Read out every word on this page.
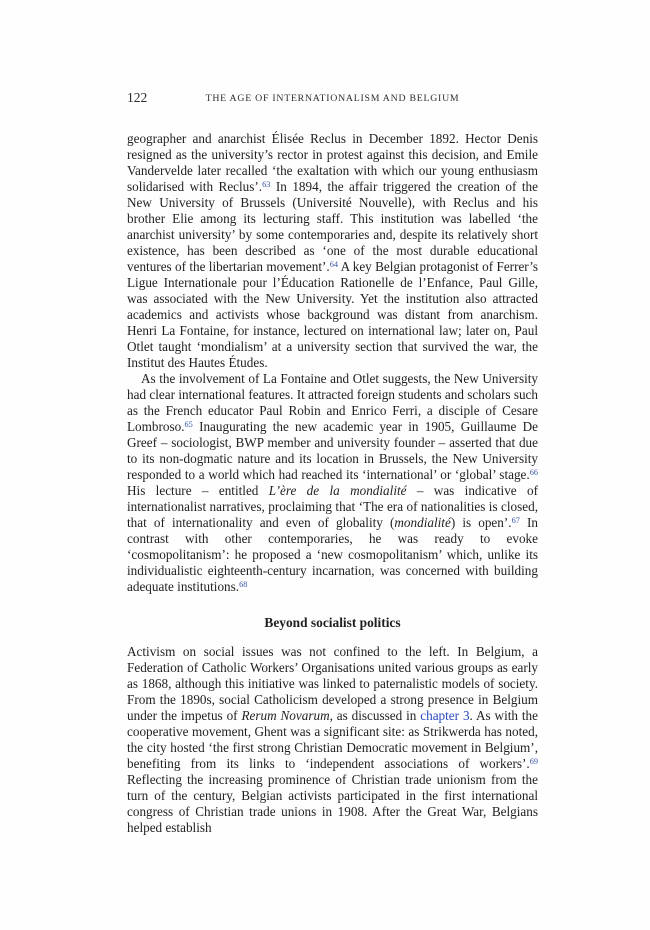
122	THE AGE OF INTERNATIONALISM AND BELGIUM

geographer and anarchist Élisée Reclus in December 1892. Hector Denis resigned as the university’s rector in protest against this decision, and Emile Vandervelde later recalled ‘the exaltation with which our young enthusiasm solidarised with Reclus’.$^{63}$ In 1894, the affair triggered the creation of the New University of Brussels (Université Nouvelle), with Reclus and his brother Elie among its lecturing staff. This institution was labelled ‘the anarchist university’ by some contemporaries and, despite its relatively short existence, has been described as ‘one of the most durable educational ventures of the libertarian movement’.$^{64}$ A key Belgian protagonist of Ferrer’s Ligue Internationale pour l’Éducation Rationelle de l’Enfance, Paul Gille, was associated with the New University. Yet the institution also attracted academics and activists whose background was distant from anarchism. Henri La Fontaine, for instance, lectured on international law; later on, Paul Otlet taught ‘mondialism’ at a university section that survived the war, the Institut des Hautes Études.

As the involvement of La Fontaine and Otlet suggests, the New University had clear international features. It attracted foreign students and scholars such as the French educator Paul Robin and Enrico Ferri, a disciple of Cesare Lombroso.$^{65}$ Inaugurating the new academic year in 1905, Guillaume De Greef – sociologist, BWP member and university founder – asserted that due to its non-dogmatic nature and its location in Brussels, the New University responded to a world which had reached its ‘international’ or ‘global’ stage.$^{66}$ His lecture – entitled L’ère de la mondialité – was indicative of internationalist narratives, proclaiming that ‘The era of nationalities is closed, that of internationality and even of globality (mondialité) is open’.$^{67}$ In contrast with other contemporaries, he was ready to evoke ‘cosmopolitanism’: he proposed a ‘new cosmopolitanism’ which, unlike its individualistic eighteenth-century incarnation, was concerned with building adequate institutions.$^{68}$

Beyond socialist politics

Activism on social issues was not confined to the left. In Belgium, a Federation of Catholic Workers’ Organisations united various groups as early as 1868, although this initiative was linked to paternalistic models of society. From the 1890s, social Catholicism developed a strong presence in Belgium under the impetus of Rerum Novarum, as discussed in chapter 3. As with the cooperative movement, Ghent was a significant site: as Strikwerda has noted, the city hosted ‘the first strong Christian Democratic movement in Belgium’, benefiting from its links to ‘independent associations of workers’.$^{69}$ Reflecting the increasing prominence of Christian trade unionism from the turn of the century, Belgian activists participated in the first international congress of Christian trade unions in 1908. After the Great War, Belgians helped establish
